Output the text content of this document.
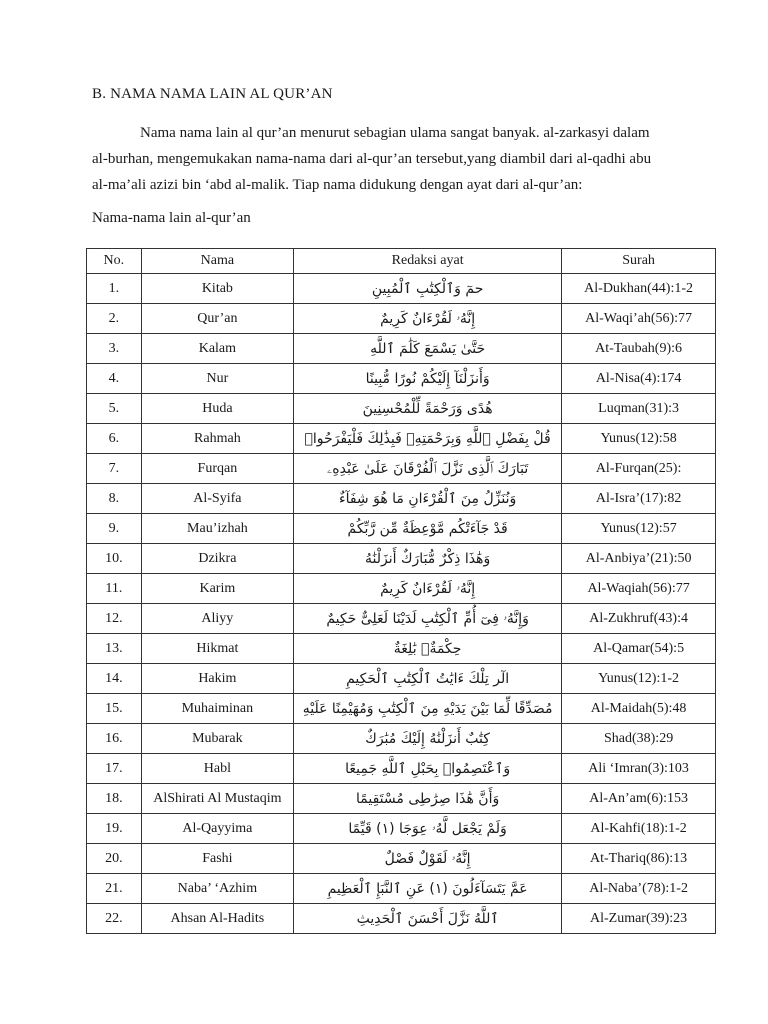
B. NAMA NAMA LAIN AL QUR’AN
Nama nama lain al qur’an menurut sebagian ulama sangat banyak. al-zarkasyi dalam
al-burhan, mengemukakan nama-nama dari al-qur’an tersebut,yang diambil dari al-qadhi abu
al-ma’ali azizi bin ‘abd al-malik. Tiap nama didukung dengan ayat dari al-qur’an:
Nama-nama lain al-qur’an
No.	Nama	Redaksi ayat	Surah
1.	Kitab	حمٓ وَٱلْكِتَٰبِ ٱلْمُبِينِ	Al-Dukhan(44):1-2
2.	Qur’an	إِنَّهُۥ لَقُرْءَانٌ كَرِيمٌ	Al-Waqi’ah(56):77
3.	Kalam	حَتَّىٰ يَسْمَعَ كَلَٰمَ ٱللَّهِ	At-Taubah(9):6
4.	Nur	وَأَنزَلْنَآ إِلَيْكُمْ نُورًا مُّبِينًا	Al-Nisa(4):174
5.	Huda	هُدًى وَرَحْمَةً لِّلْمُحْسِنِينَ	Luqman(31):3
6.	Rahmah	قُلْ بِفَضْلِ ٱللَّهِ وَبِرَحْمَتِهِۦ فَبِذَٰلِكَ فَلْيَفْرَحُوا۟	Yunus(12):58
7.	Furqan	تَبَارَكَ ٱلَّذِى نَزَّلَ ٱلْفُرْقَانَ عَلَىٰ عَبْدِهِۦ	Al-Furqan(25):
8.	Al-Syifa	وَنُنَزِّلُ مِنَ ٱلْقُرْءَانِ مَا هُوَ شِفَآءٌ	Al-Isra’(17):82
9.	Mau’izhah	قَدْ جَآءَتْكُم مَّوْعِظَةٌ مِّن رَّبِّكُمْ	Yunus(12):57
10.	Dzikra	وَهَٰذَا ذِكْرٌ مُّبَارَكٌ أَنزَلْنَٰهُ	Al-Anbiya’(21):50
11.	Karim	إِنَّهُۥ لَقُرْءَانٌ كَرِيمٌ	Al-Waqiah(56):77
12.	Aliyy	وَإِنَّهُۥ فِىٓ أُمِّ ٱلْكِتَٰبِ لَدَيْنَا لَعَلِىٌّ حَكِيمٌ	Al-Zukhruf(43):4
13.	Hikmat	حِكْمَةٌۢ بَٰلِغَةٌ	Al-Qamar(54):5
14.	Hakim	الٓر تِلْكَ ءَايَٰتُ ٱلْكِتَٰبِ ٱلْحَكِيمِ	Yunus(12):1-2
15.	Muhaiminan	مُصَدِّقًا لِّمَا بَيْنَ يَدَيْهِ مِنَ ٱلْكِتَٰبِ وَمُهَيْمِنًا عَلَيْهِ	Al-Maidah(5):48
16.	Mubarak	كِتَٰبٌ أَنزَلْنَٰهُ إِلَيْكَ مُبَٰرَكٌ	Shad(38):29
17.	Habl	وَٱعْتَصِمُوا۟ بِحَبْلِ ٱللَّهِ جَمِيعًا	Ali ‘Imran(3):103
18.	AlShirati Al Mustaqim	وَأَنَّ هَٰذَا صِرَٰطِى مُسْتَقِيمًا	Al-An’am(6):153
19.	Al-Qayyima	وَلَمْ يَجْعَل لَّهُۥ عِوَجَا (١) قَيِّمًا	Al-Kahfi(18):1-2
20.	Fashi	إِنَّهُۥ لَقَوْلٌ فَصْلٌ	At-Thariq(86):13
21.	Naba’ ‘Azhim	عَمَّ يَتَسَآءَلُونَ (١) عَنِ ٱلنَّبَإِ ٱلْعَظِيمِ	Al-Naba’(78):1-2
22.	Ahsan Al-Hadits	ٱللَّهُ نَزَّلَ أَحْسَنَ ٱلْحَدِيثِ	Al-Zumar(39):23
